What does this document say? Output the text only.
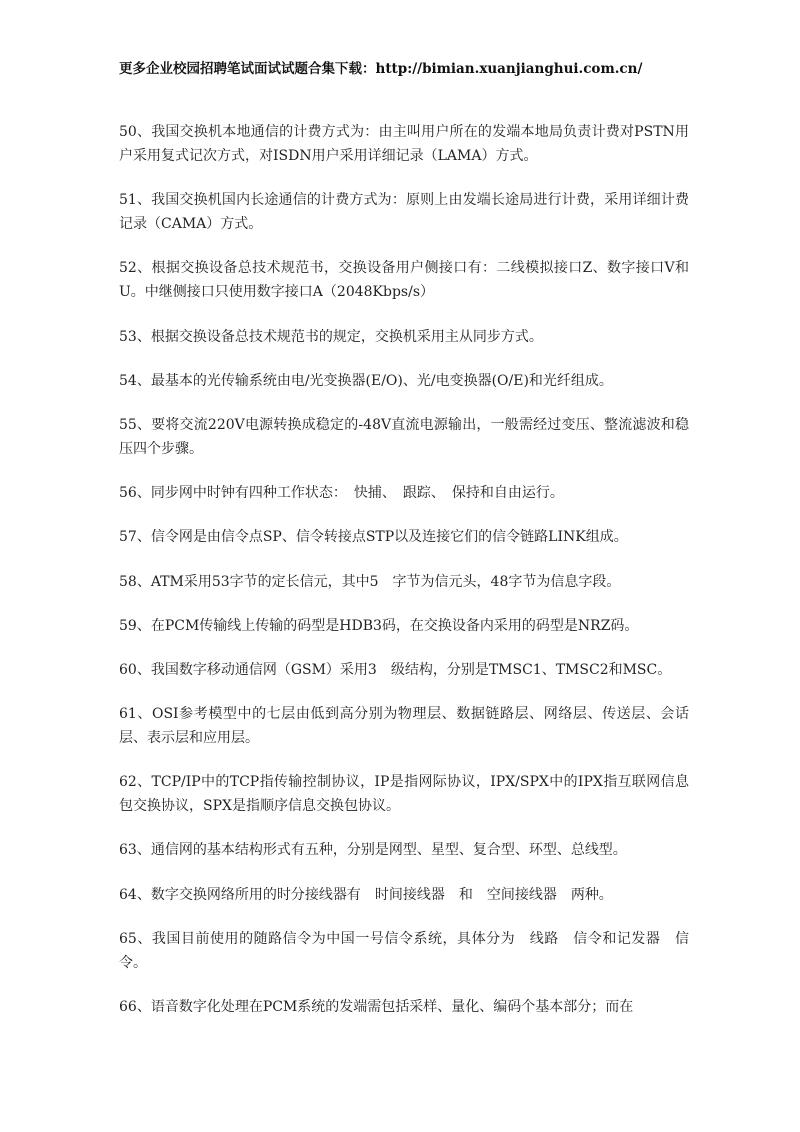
更多企业校园招聘笔试面试试题合集下载：http://bimian.xuanjianghui.com.cn/

50、我国交换机本地通信的计费方式为：由主叫用户所在的发端本地局负责计费对PSTN用户采用复式记次方式，对ISDN用户采用详细记录（LAMA）方式。

51、我国交换机国内长途通信的计费方式为：原则上由发端长途局进行计费，采用详细计费记录（CAMA）方式。

52、根据交换设备总技术规范书，交换设备用户侧接口有：二线模拟接口Z、数字接口V和U。中继侧接口只使用数字接口A（2048Kbps/s）

53、根据交换设备总技术规范书的规定，交换机采用主从同步方式。

54、最基本的光传输系统由电/光变换器(E/O)、光/电变换器(O/E)和光纤组成。

55、要将交流220V电源转换成稳定的-48V直流电源输出，一般需经过变压、整流滤波和稳压四个步骤。

56、同步网中时钟有四种工作状态：　快捕、　跟踪、　保持和自由运行。

57、信令网是由信令点SP、信令转接点STP以及连接它们的信令链路LINK组成。

58、ATM采用53字节的定长信元，其中5　字节为信元头，48字节为信息字段。

59、在PCM传输线上传输的码型是HDB3码，在交换设备内采用的码型是NRZ码。

60、我国数字移动通信网（GSM）采用3　级结构，分别是TMSC1、TMSC2和MSC。

61、OSI参考模型中的七层由低到高分别为物理层、数据链路层、网络层、传送层、会话层、表示层和应用层。

62、TCP/IP中的TCP指传输控制协议，IP是指网际协议，IPX/SPX中的IPX指互联网信息包交换协议，SPX是指顺序信息交换包协议。

63、通信网的基本结构形式有五种，分别是网型、星型、复合型、环型、总线型。

64、数字交换网络所用的时分接线器有　时间接线器　和　空间接线器　两种。

65、我国目前使用的随路信令为中国一号信令系统，具体分为　线路　信令和记发器　信令。

66、语音数字化处理在PCM系统的发端需包括采样、量化、编码个基本部分；而在
